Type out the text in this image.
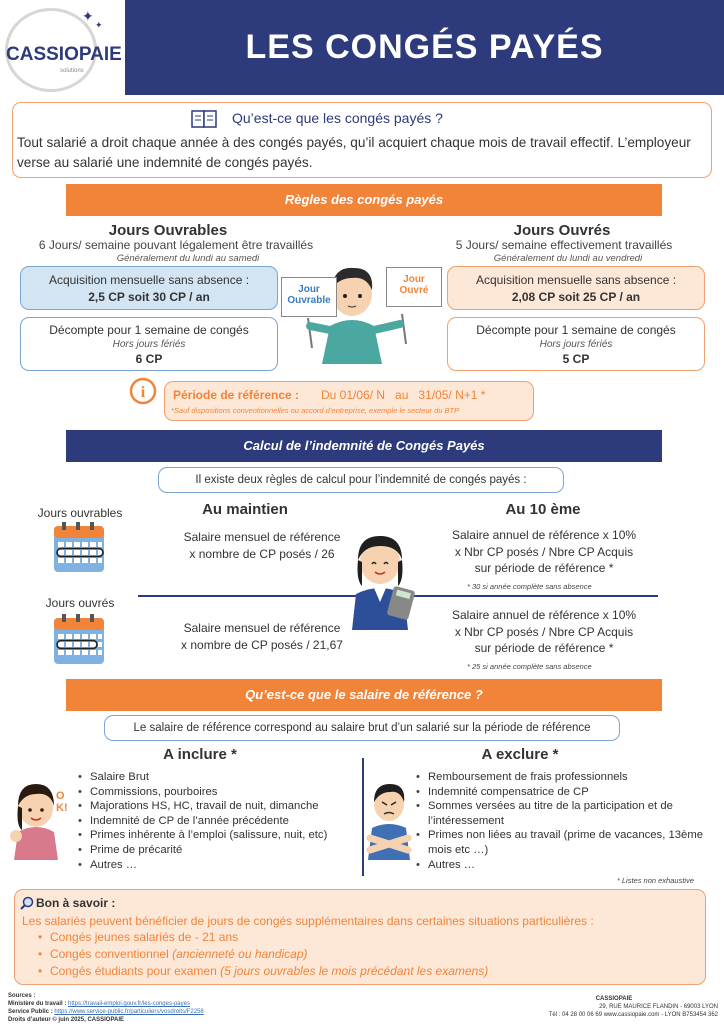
LES CONGÉS PAYÉS
CASSIOPAIE
solutions
✦
✦
Qu’est-ce que les congés payés ?
Tout salarié a droit chaque année à des congés payés, qu’il acquiert chaque mois de travail effectif. L’employeur verse au salarié une indemnité de congés payés.
Règles des congés payés
Jours Ouvrables
6 Jours/ semaine pouvant légalement être travaillés
Généralement du lundi au samedi
Jours Ouvrés
5 Jours/ semaine effectivement travaillés
Généralement du lundi au vendredi
Acquisition mensuelle sans absence :
2,5 CP soit 30 CP / an
Décompte pour 1 semaine de congés
Hors jours fériés
6 CP
Acquisition mensuelle sans absence :
2,08 CP soit 25 CP / an
Décompte pour 1 semaine de congés
Hors jours fériés
5 CP
Jour
Ouvrable
Jour
Ouvré
i Période de référence : Du 01/06/ N   au   31/05/ N+1 *
*Sauf dispositions conventionnelles ou accord d’entreprise, exemple le secteur du BTP
Calcul de l’indemnité de Congés Payés
Il existe deux règles de calcul pour l’indemnité de congés payés :
Au maintien	Au 10 ème
Jours ouvrables
Jours ouvrés
Salaire mensuel de référence
x nombre de CP posés / 26
Salaire annuel de référence x 10%
x Nbr CP posés / Nbre CP Acquis
sur période de référence *
* 30 si année complète sans absence
Salaire mensuel de référence
x nombre de CP posés / 21,67
Salaire annuel de référence x 10%
x Nbr CP posés / Nbre CP Acquis
sur période de référence *
* 25 si année complète sans absence
Qu’est-ce que le salaire de référence ?
Le salaire de référence correspond au salaire brut d’un salarié sur la période de référence
A inclure *	A exclure *
OK!
• Salaire Brut
• Commissions, pourboires
• Majorations HS, HC, travail de nuit, dimanche
• Indemnité de CP de l’année précédente
• Primes inhérente à l’emploi (salissure, nuit, etc)
• Prime de précarité
• Autres …
• Remboursement de frais professionnels
• Indemnité compensatrice de CP
• Sommes versées au titre de la participation et de l’intéressement
• Primes non liées au travail (prime de vacances, 13ème mois etc …)
• Autres …
* Listes non exhaustive
Bon à savoir :
Les salariés peuvent bénéficier de jours de congés supplémentaires dans certaines situations particulières :
• Congés jeunes salariés de - 21 ans
• Congés conventionnel (ancienneté ou handicap)
• Congés étudiants pour examen (5 jours ouvrables le mois précédant les examens)
Sources :
Ministère du travail : https://travail-emploi.gouv.fr/les-conges-payes
Service Public : https://www.service-public.fr/particuliers/vosdroits/F2258
Droits d’auteur © juin 2025, CASSIOPAIE
CASSIOPAIE
29, RUE MAURICE FLANDIN - 69003 LYON
Tél : 04 28 00 06 69 www.cassiopaie.com - LYON B753454 362
